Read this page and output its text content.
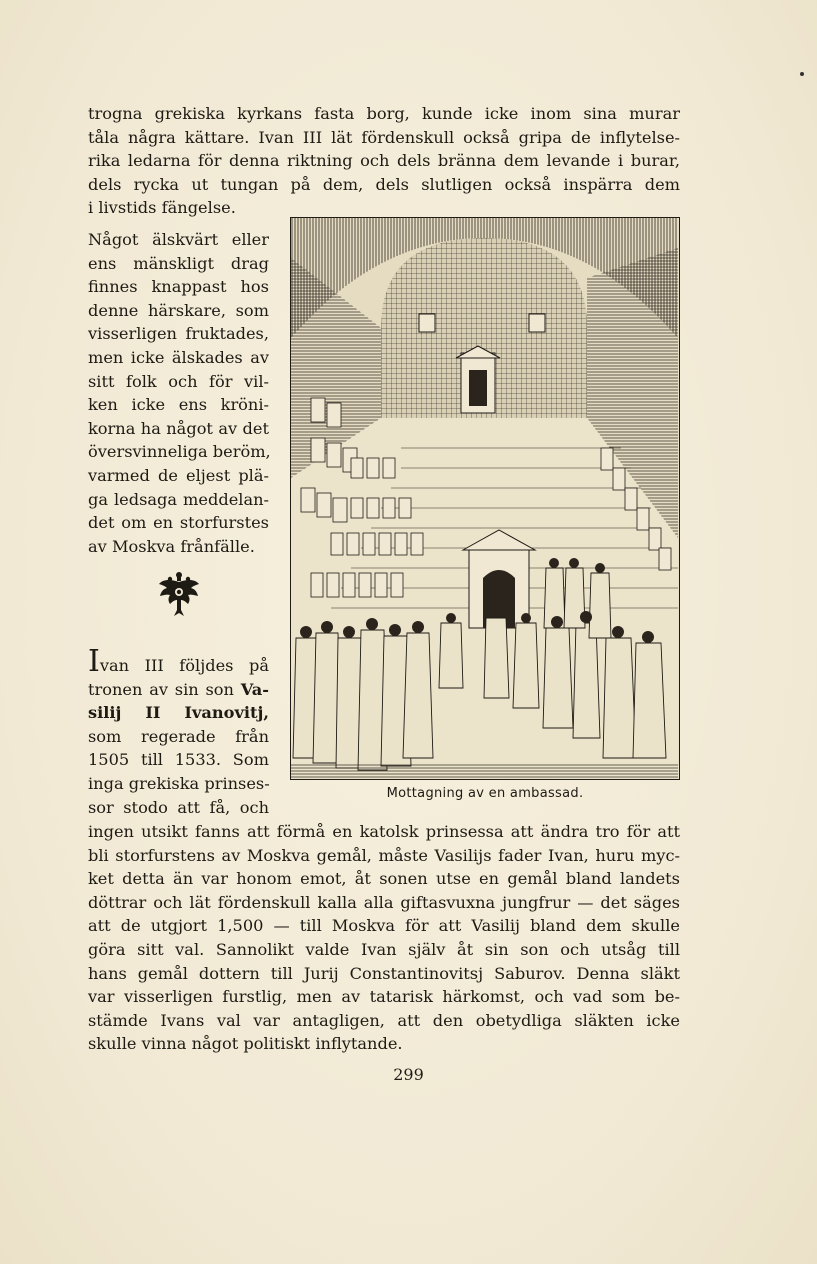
trogna grekiska kyrkans fasta borg, kunde icke inom sina murar
tåla några kättare. Ivan III lät fördenskull också gripa de inflytelse-
rika ledarna för denna riktning och dels bränna dem levande i burar,
dels rycka ut tungan på dem, dels slutligen också inspärra dem
i livstids fängelse.
Något älskvärt eller
ens mänskligt drag
finnes knappast hos
denne härskare, som
visserligen fruktades,
men icke älskades av
sitt folk och för vil-
ken icke ens kröni-
korna ha något av det
översvinneliga beröm,
varmed de eljest plä-
ga ledsaga meddelan-
det om en storfurstes
av Moskva frånfälle.
Ivan III följdes på
tronen av sin son Va-
silij II Ivanovitj,
som regerade från
1505 till 1533. Som
inga grekiska prinses-
sor stodo att få, och
Mottagning av en ambassad.
ingen utsikt fanns att förmå en katolsk prinsessa att ändra tro för att
bli storfurstens av Moskva gemål, måste Vasilijs fader Ivan, huru myc-
ket detta än var honom emot, åt sonen utse en gemål bland landets
döttrar och lät fördenskull kalla alla giftasvuxna jungfrur — det säges
att de utgjort 1,500 — till Moskva för att Vasilij bland dem skulle
göra sitt val. Sannolikt valde Ivan själv åt sin son och utsåg till
hans gemål dottern till Jurij Constantinovitsj Saburov. Denna släkt
var visserligen furstlig, men av tatarisk härkomst, och vad som be-
stämde Ivans val var antagligen, att den obetydliga släkten icke
skulle vinna något politiskt inflytande.
299
